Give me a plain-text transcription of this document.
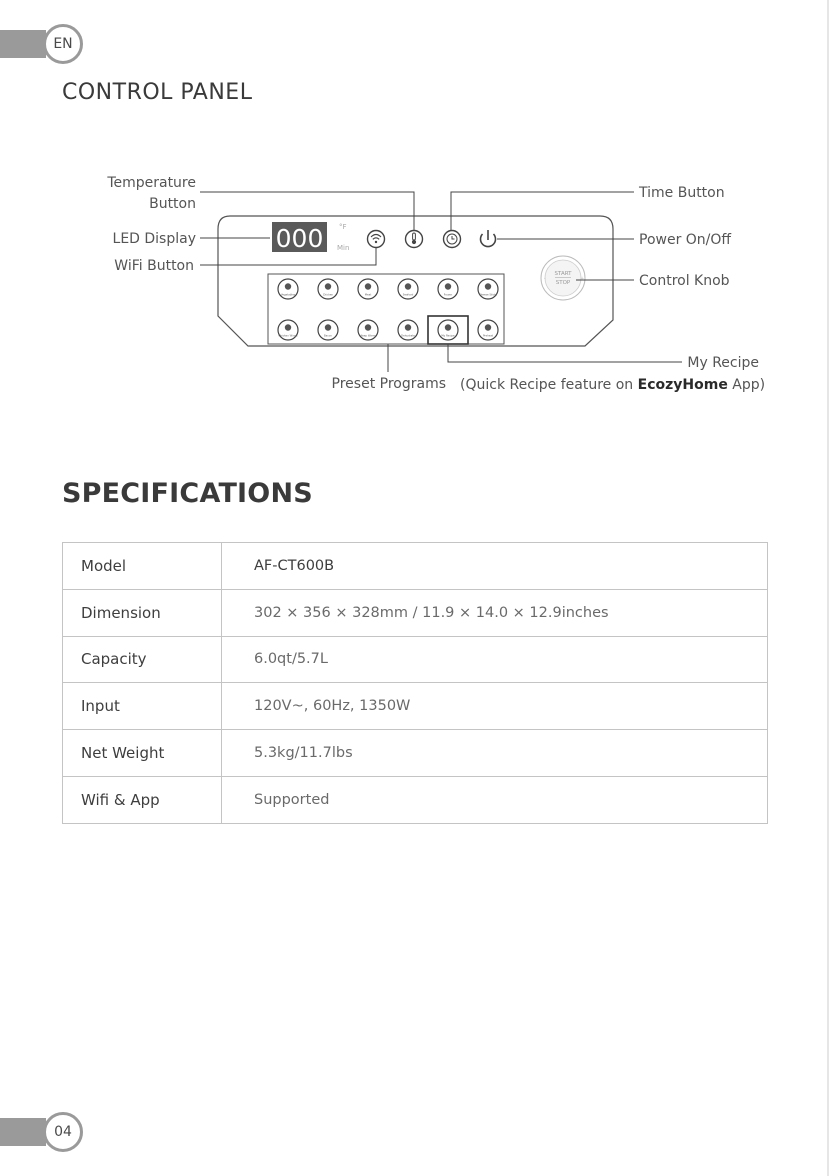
EN
CONTROL PANEL
000 °F
Min
START
STOP
-	+
Vegetables	Chicken	Meat	Seafood	Frozen	Cheese Sticks
Chicken Wings	Bacon	Keep Warm	Dehydrate	My Recipe	Preheat
Temperature
Button
LED Display
WiFi Button
Time Button
Power On/Off
Control Knob
My Recipe
Preset Programs (Quick Recipe feature on EcozyHome App)
SPECIFICATIONS
Model	AF-CT600B
Dimension	302 × 356 × 328mm / 11.9 × 14.0 × 12.9inches
Capacity	6.0qt/5.7L
Input	120V~, 60Hz, 1350W
Net Weight	5.3kg/11.7lbs
Wifi & App	Supported
04
